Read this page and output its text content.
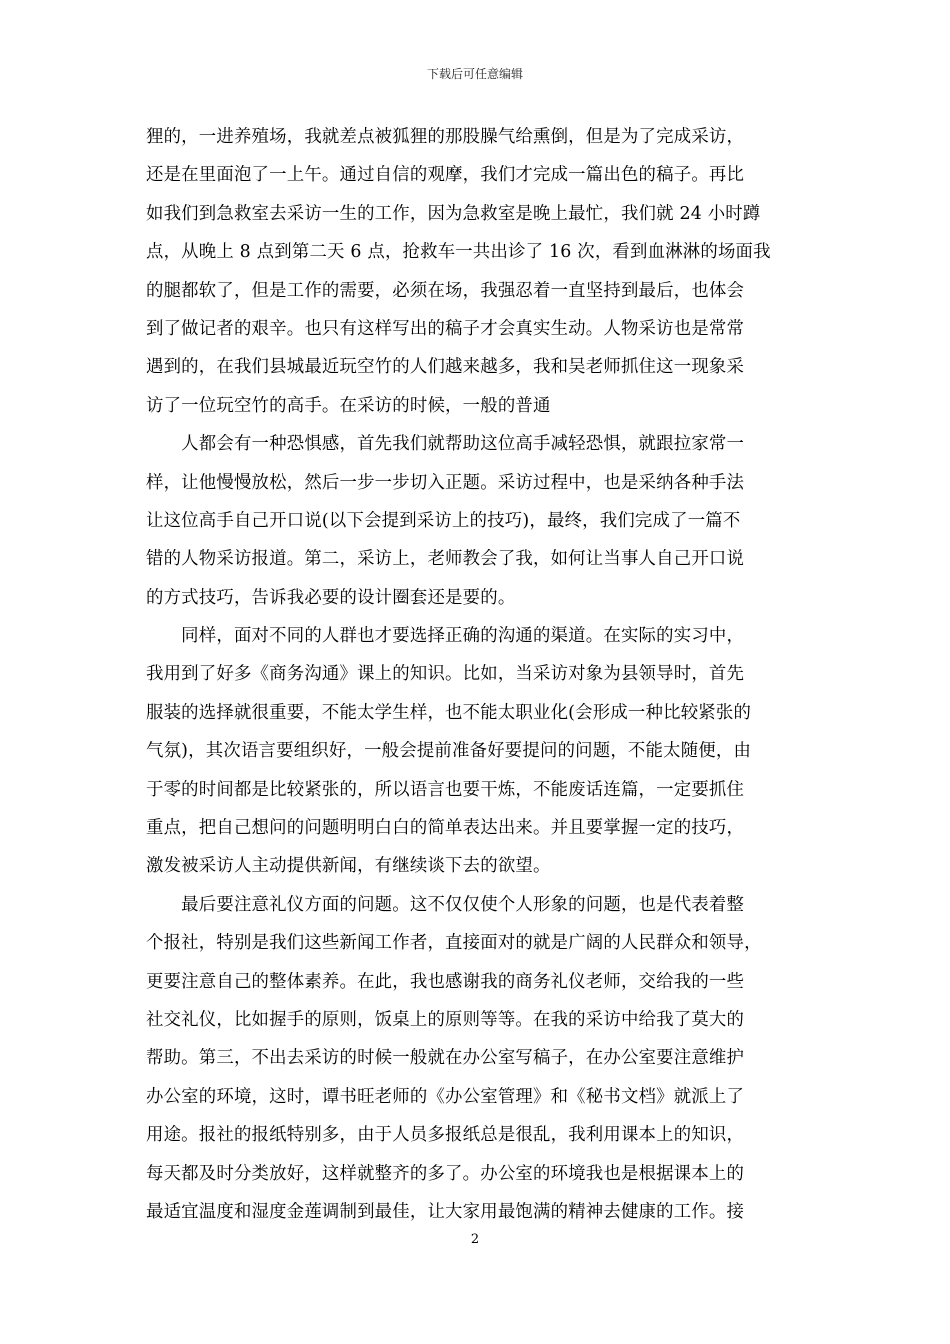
下载后可任意编辑
狸的，一进养殖场，我就差点被狐狸的那股臊气给熏倒，但是为了完成采访，
还是在里面泡了一上午。通过自信的观摩，我们才完成一篇出色的稿子。再比
如我们到急救室去采访一生的工作，因为急救室是晚上最忙，我们就 24 小时蹲
点，从晚上 8 点到第二天 6 点，抢救车一共出诊了 16 次，看到血淋淋的场面我
的腿都软了，但是工作的需要，必须在场，我强忍着一直坚持到最后，也体会
到了做记者的艰辛。也只有这样写出的稿子才会真实生动。人物采访也是常常
遇到的，在我们县城最近玩空竹的人们越来越多，我和吴老师抓住这一现象采
访了一位玩空竹的高手。在采访的时候，一般的普通
　　人都会有一种恐惧感，首先我们就帮助这位高手减轻恐惧，就跟拉家常一
样，让他慢慢放松，然后一步一步切入正题。采访过程中，也是采纳各种手法
让这位高手自己开口说(以下会提到采访上的技巧)，最终，我们完成了一篇不
错的人物采访报道。第二，采访上，老师教会了我，如何让当事人自己开口说
的方式技巧，告诉我必要的设计圈套还是要的。
　　同样，面对不同的人群也才要选择正确的沟通的渠道。在实际的实习中，
我用到了好多《商务沟通》课上的知识。比如，当采访对象为县领导时，首先
服装的选择就很重要，不能太学生样，也不能太职业化(会形成一种比较紧张的
气氛)，其次语言要组织好，一般会提前准备好要提问的问题，不能太随便，由
于零的时间都是比较紧张的，所以语言也要干炼，不能废话连篇，一定要抓住
重点，把自己想问的问题明明白白的简单表达出来。并且要掌握一定的技巧，
激发被采访人主动提供新闻，有继续谈下去的欲望。
　　最后要注意礼仪方面的问题。这不仅仅使个人形象的问题，也是代表着整
个报社，特别是我们这些新闻工作者，直接面对的就是广阔的人民群众和领导，
更要注意自己的整体素养。在此，我也感谢我的商务礼仪老师，交给我的一些
社交礼仪，比如握手的原则，饭桌上的原则等等。在我的采访中给我了莫大的
帮助。第三，不出去采访的时候一般就在办公室写稿子，在办公室要注意维护
办公室的环境，这时，谭书旺老师的《办公室管理》和《秘书文档》就派上了
用途。报社的报纸特别多，由于人员多报纸总是很乱，我利用课本上的知识，
每天都及时分类放好，这样就整齐的多了。办公室的环境我也是根据课本上的
最适宜温度和湿度金莲调制到最佳，让大家用最饱满的精神去健康的工作。接
2
